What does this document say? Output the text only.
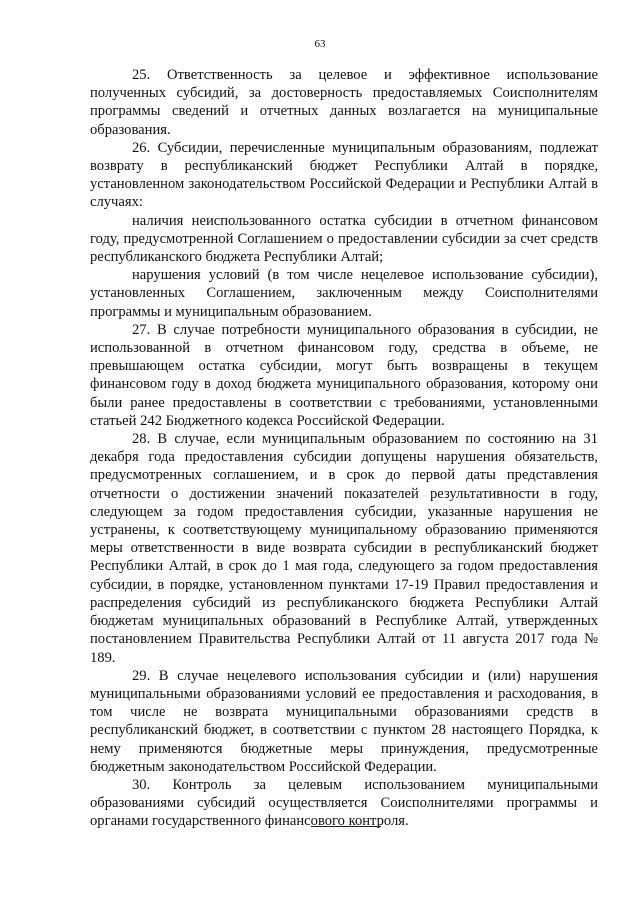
63

25. Ответственность за целевое и эффективное использование полученных субсидий, за достоверность предоставляемых Соисполнителям программы сведений и отчетных данных возлагается на муниципальные образования.

26. Субсидии, перечисленные муниципальным образованиям, подлежат возврату в республиканский бюджет Республики Алтай в порядке, установленном законодательством Российской Федерации и Республики Алтай в случаях:

наличия неиспользованного остатка субсидии в отчетном финансовом году, предусмотренной Соглашением о предоставлении субсидии за счет средств республиканского бюджета Республики Алтай;

нарушения условий (в том числе нецелевое использование субсидии), установленных Соглашением, заключенным между Соисполнителями программы и муниципальным образованием.

27. В случае потребности муниципального образования в субсидии, не использованной в отчетном финансовом году, средства в объеме, не превышающем остатка субсидии, могут быть возвращены в текущем финансовом году в доход бюджета муниципального образования, которому они были ранее предоставлены в соответствии с требованиями, установленными статьей 242 Бюджетного кодекса Российской Федерации.

28. В случае, если муниципальным образованием по состоянию на 31 декабря года предоставления субсидии допущены нарушения обязательств, предусмотренных соглашением, и в срок до первой даты представления отчетности о достижении значений показателей результативности в году, следующем за годом предоставления субсидии, указанные нарушения не устранены, к соответствующему муниципальному образованию применяются меры ответственности в виде возврата субсидии в республиканский бюджет Республики Алтай, в срок до 1 мая года, следующего за годом предоставления субсидии, в порядке, установленном пунктами 17-19 Правил предоставления и распределения субсидий из республиканского бюджета Республики Алтай бюджетам муниципальных образований в Республике Алтай, утвержденных постановлением Правительства Республики Алтай от 11 августа 2017 года № 189.

29. В случае нецелевого использования субсидии и (или) нарушения муниципальными образованиями условий ее предоставления и расходования, в том числе не возврата муниципальными образованиями средств в республиканский бюджет, в соответствии с пунктом 28 настоящего Порядка, к нему применяются бюджетные меры принуждения, предусмотренные бюджетным законодательством Российской Федерации.

30. Контроль за целевым использованием муниципальными образованиями субсидий осуществляется Соисполнителями программы и органами государственного финансового контроля.
